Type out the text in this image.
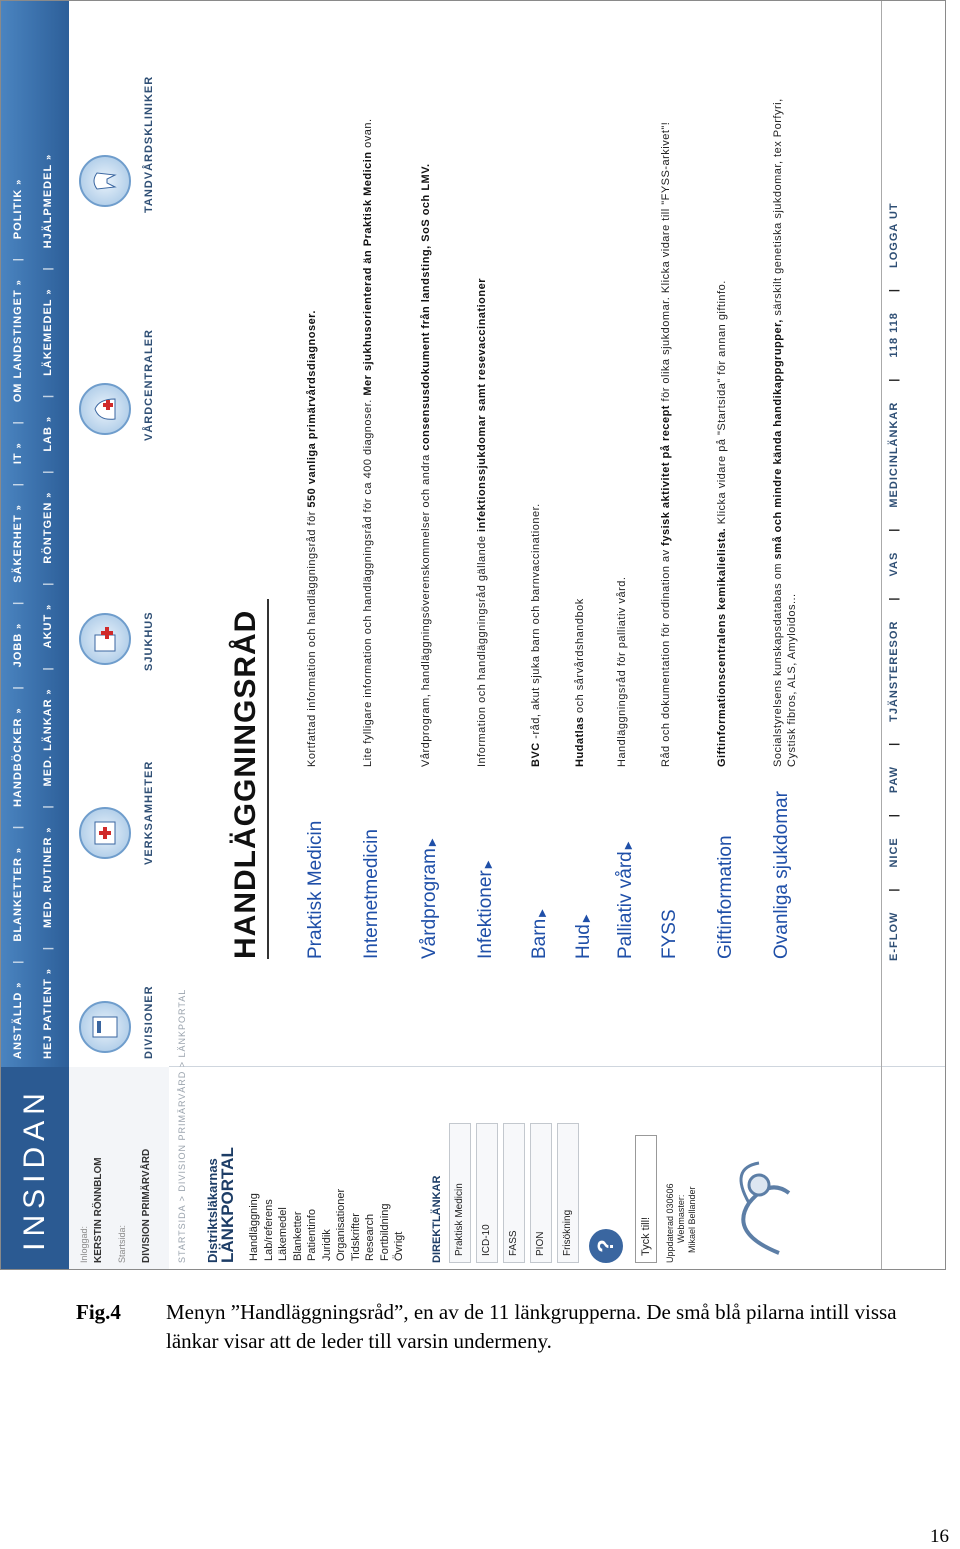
INSIDAN
ANSTÄLLD»
|
BLANKETTER»
|
HANDBÖCKER»
|
JOBB»
|
SÄKERHET»
|
IT»
|
OM LANDSTINGET»
|
POLITIK»
HEJ PATIENT»
|
MED. RUTINER»
|
MED. LÄNKAR»
|
AKUT»
|
RÖNTGEN»
|
LAB»
|
LÄKEMEDEL»
|
HJÄLPMEDEL»
Inloggad: KERSTIN RÖNNBLOM Startsida: DIVISION PRIMÄRVÅRD
DIVISIONER
VERKSAMHETER
SJUKHUS
VÅRDCENTRALER
TANDVÅRDSKLINIKER
STARTSIDA > DIVISION PRIMÄRVÅRD > LÄNKPORTAL Distriktsläkarnas
LÄNKPORTAL Handläggning Lab/referens Läkemedel Blanketter Patientinfo Juridik Organisationer Tidskrifter Research Fortbildning Övrigt DIREKTLÄNKAR	Praktisk Medicin	ICD-10	FASS	PION	Frisökning ?	Tyck till!	Uppdaterad 030606 Webmaster: Mikael Bellander
HANDLÄGGNINGSRÅD Praktisk Medicin
Kortfattad information och handläggningsråd för 550 vanliga primärvårdsdiagnoser.
Internetmedicin
Lite fylligare information och handläggningsråd för ca 400 diagnoser. Mer sjukhusorienterad än Praktisk Medicin ovan.
Vårdprogram▶
Vårdprogram, handläggningsöverenskommelser och andra consensusdokument från landsting, SoS och LMV.
Infektioner▶
Information och handläggningsråd gällande infektionssjukdomar samt resevaccinationer
Barn▶
BVC -råd, akut sjuka barn och barnvaccinationer.
Hud▶
Hudatlas och sårvårdshandbok
Palliativ vård▶
Handläggningsråd för palliativ vård.
FYSS
Råd och dokumentation för ordination av fysisk aktivitet på recept för olika sjukdomar. Klicka vidare till "FYSS-arkivet"!
Giftinformation
Giftinformationscentralens kemikalielista. Klicka vidare på "Startsida" för annan giftinfo.
Ovanliga sjukdomar
Socialstyrelsens kunskapsdatabas om små och mindre kända handikappgrupper, särskilt genetiska sjukdomar, tex Porfyri, Cystisk fibros, ALS, Amyloidos...
E-FLOW
|
NICE
|
PAW
|
TJÄNSTERESOR
|
VAS
|
MEDICINLÄNKAR
|
118 118
|
LOGGA UT
Fig.4 Menyn ”Handläggningsråd”, en av de 11 länkgrupperna. De små blå pilarna intill vissa länkar visar att de leder till varsin undermeny.
16
